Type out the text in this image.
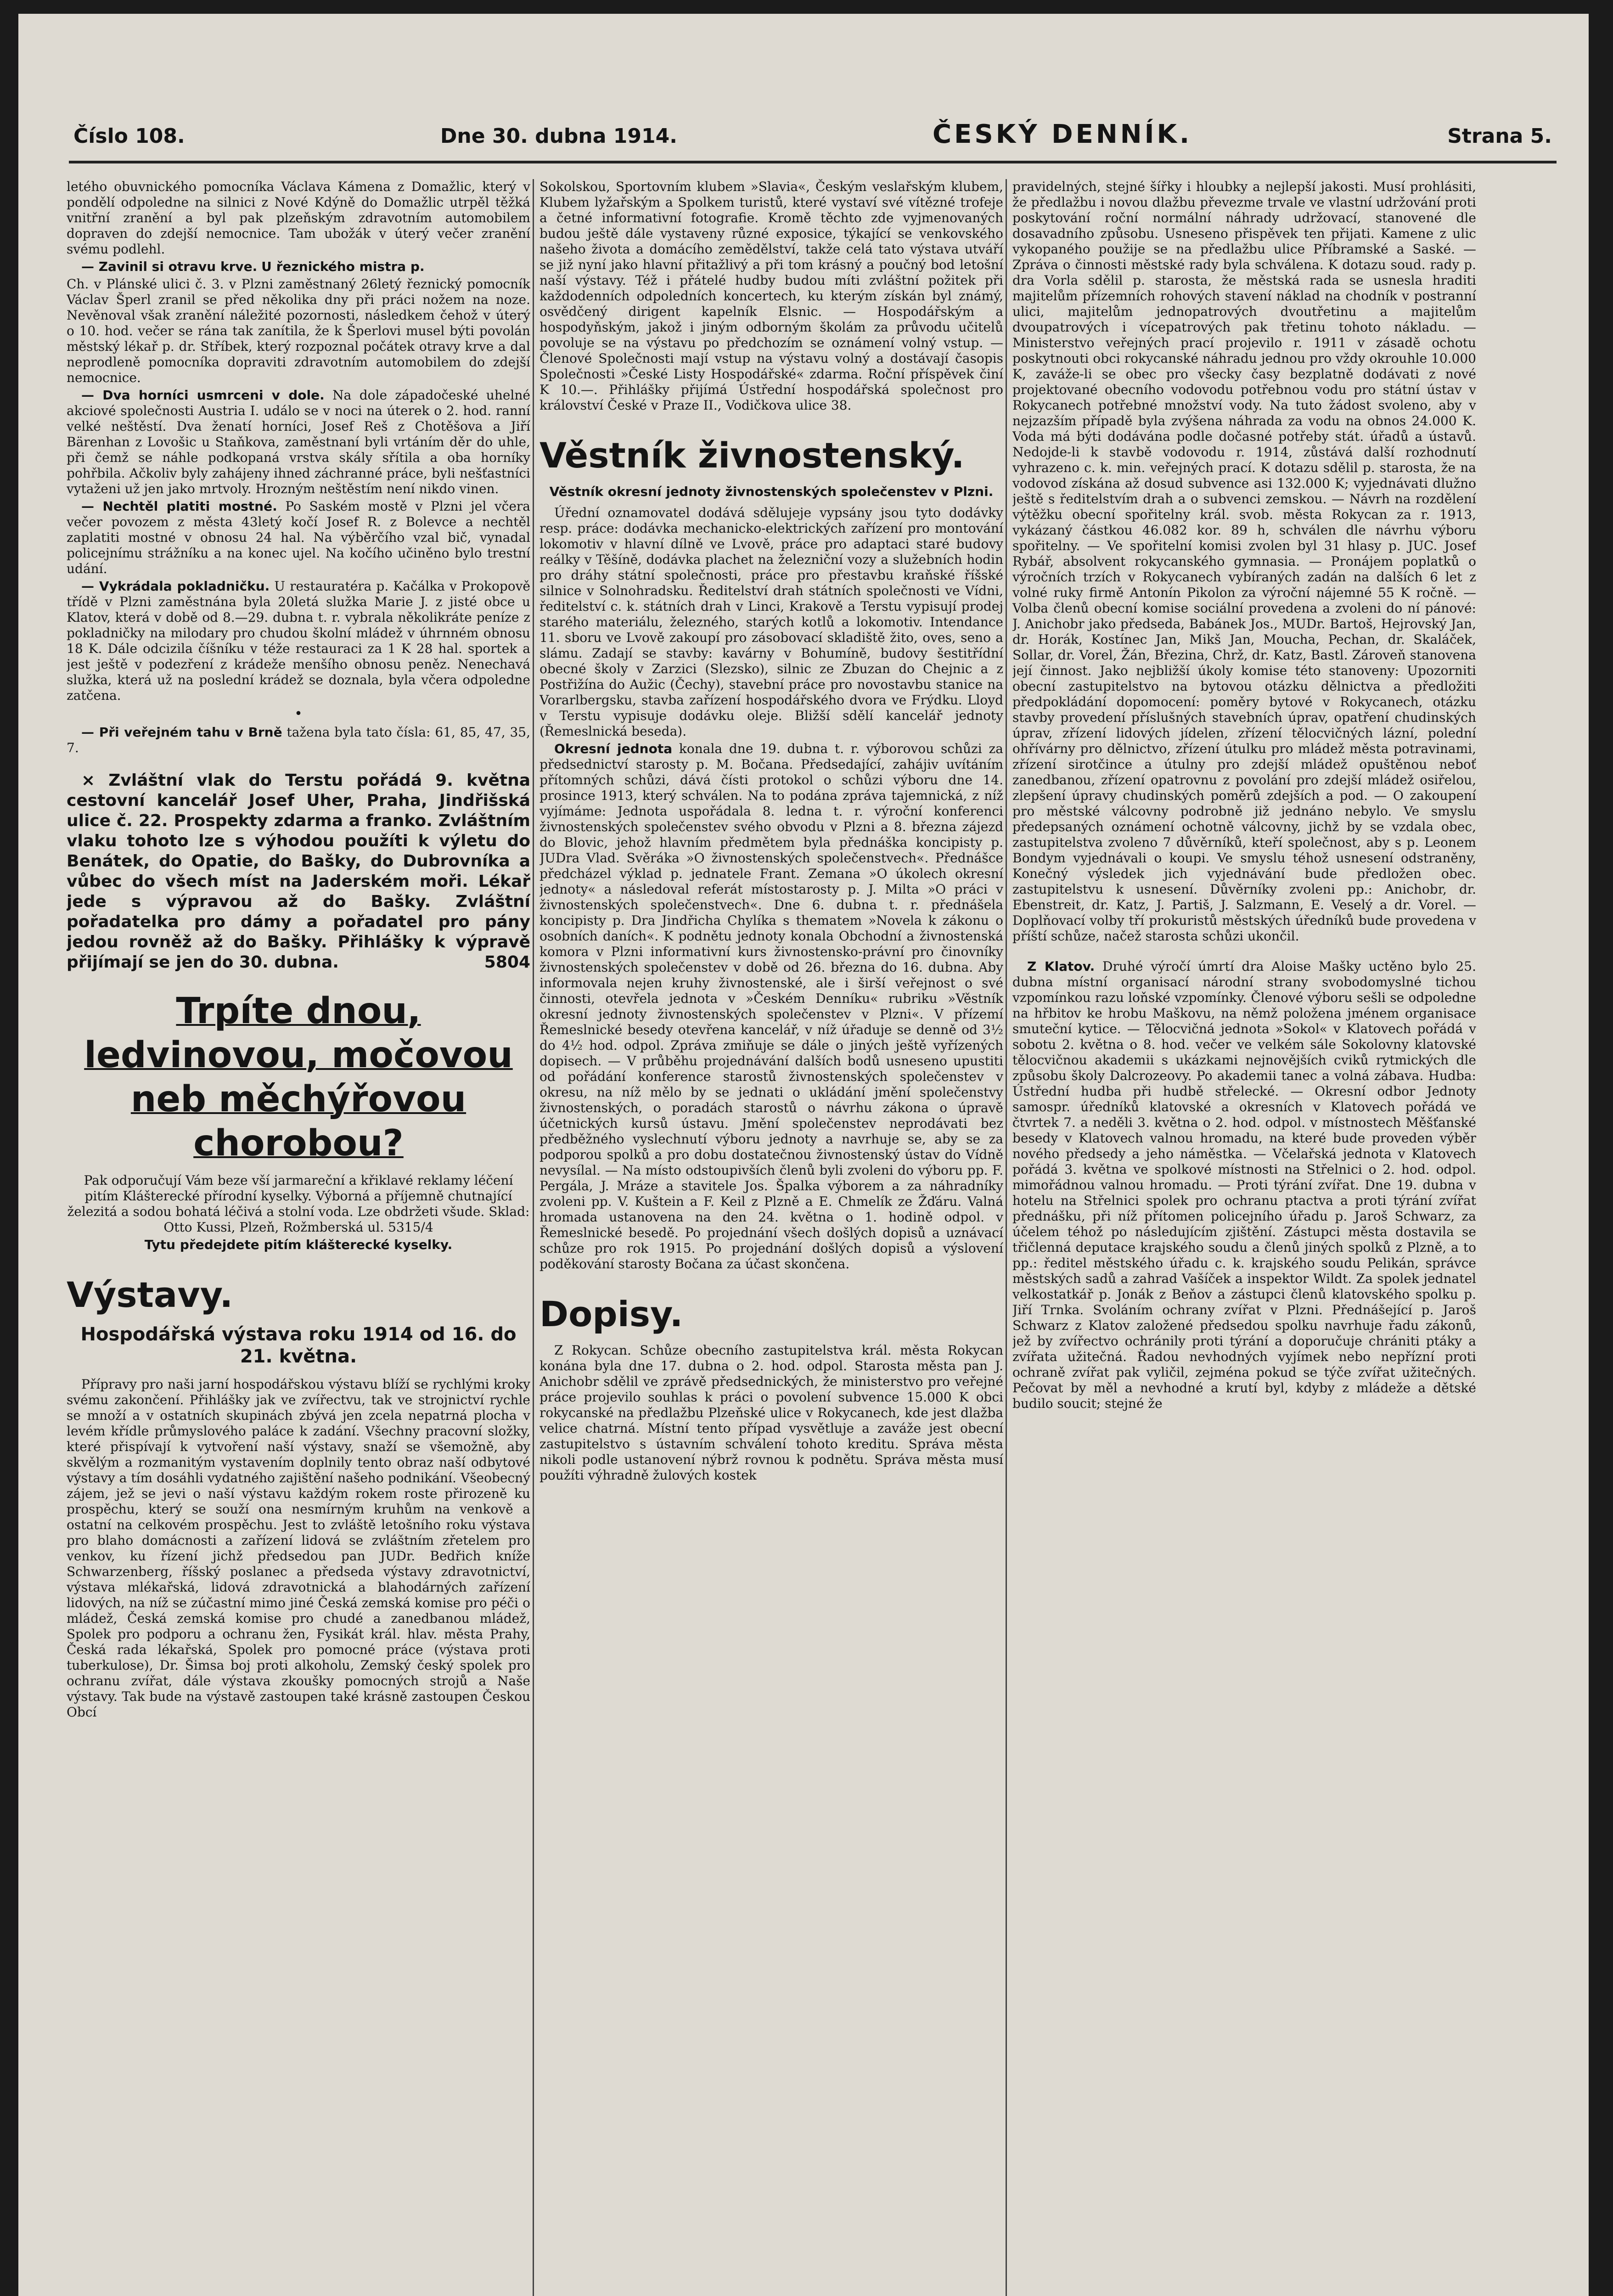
Číslo 108.	Dne 30. dubna 1914.	ČESKÝ DENNÍK.	Strana 5.

letého obuvnického pomocníka Václava Kámena z Domažlic, který v pondělí odpoledne na silnici z Nové Kdýně do Domažlic utrpěl těžká vnitřní zranění a byl pak plzeňským zdravotním automobilem dopraven do zdejší nemocnice. Tam ubožák v úterý večer zranění svému podlehl.

— Zavinil si otravu krve. U řeznického mistra p.

Ch. v Plánské ulici č. 3. v Plzni zaměstnaný 26letý řeznický pomocník Václav Šperl zranil se před několika dny při práci nožem na noze. Nevěnoval však zranění náležité pozornosti, následkem čehož v úterý o 10. hod. večer se rána tak zanítila, že k Šperlovi musel býti povolán městský lékař p. dr. Stříbek, který rozpoznal počátek otravy krve a dal neprodleně pomocníka dopraviti zdravotním automobilem do zdejší nemocnice.

— Dva horníci usmrceni v dole. Na dole západočeské uhelné akciové společnosti Austria I. událo se v noci na úterek o 2. hod. ranní velké neštěstí. Dva ženatí horníci, Josef Reš z Chotěšova a Jiří Bärenhan z Lovošic u Staňkova, zaměstnaní byli vrtáním děr do uhle, při čemž se náhle podkopaná vrstva skály sřítila a oba horníky pohřbila. Ačkoliv byly zahájeny ihned záchranné práce, byli nešťastníci vytaženi už jen jako mrtvoly. Hrozným neštěstím není nikdo vinen.

— Nechtěl platiti mostné. Po Saském mostě v Plzni jel včera večer povozem z města 43letý kočí Josef R. z Bolevce a nechtěl zaplatiti mostné v obnosu 24 hal. Na výběrčího vzal bič, vynadal policejnímu strážníku a na konec ujel. Na kočího učiněno bylo trestní udání.

— Vykrádala pokladničku. U restauratéra p. Kačálka v Prokopově třídě v Plzni zaměstnána byla 20letá služka Marie J. z jisté obce u Klatov, která v době od 8.—29. dubna t. r. vybrala několikráte peníze z pokladničky na milodary pro chudou školní mládež v úhrnném obnosu 18 K. Dále odcizila číšníku v téže restauraci za 1 K 28 hal. sportek a jest ještě v podezření z krádeže menšího obnosu peněz. Nenechavá služka, která už na poslední krádež se doznala, byla včera odpoledne zatčena.

•

— Při veřejném tahu v Brně tažena byla tato čísla: 61, 85, 47, 35, 7.

× Zvláštní vlak do Terstu pořádá 9. května cestovní kancelář Josef Uher, Praha, Jindřišská ulice č. 22. Prospekty zdarma a franko. Zvláštním vlaku tohoto lze s výhodou použíti k výletu do Benátek, do Opatie, do Bašky, do Dubrovníka a vůbec do všech míst na Jaderském moři. Lékař jede s výpravou až do Bašky. Zvláštní pořadatelka pro dámy a pořadatel pro pány jedou rovněž až do Bašky. Přihlášky k výpravě přijímají se jen do 30. dubna.	5804

Trpíte dnou, ledvinovou, močovou neb měchýřovou chorobou?

Pak odporučují Vám beze vší jarmareční a křiklavé reklamy léčení pitím Klášterecké přírodní kyselky. Výborná a příjemně chutnající železitá a sodou bohatá léčivá a stolní voda. Lze obdržeti všude. Sklad: Otto Kussi, Plzeň, Rožmberská ul. 5315/4

Tytu předejdete pitím klášterecké kyselky.

Výstavy.
Hospodářská výstava roku 1914 od 16. do 21. května.

Přípravy pro naši jarní hospodářskou výstavu blíží se rychlými kroky svému zakončení. Přihlášky jak ve zvířectvu, tak ve strojnictví rychle se množí a v ostatních skupinách zbývá jen zcela nepatrná plocha v levém křídle průmyslového paláce k zadání. Všechny pracovní složky, které přispívají k vytvoření naší výstavy, snaží se všemožně, aby skvělým a rozmanitým vystavením doplnily tento obraz naší odbytové výstavy a tím dosáhli vydatného zajištění našeho podnikání. Všeobecný zájem, jež se jevi o naší výstavu každým rokem roste přirozeně ku prospěchu, který se souží ona nesmírným kruhům na venkově a ostatní na celkovém prospěchu. Jest to zvláště letošního roku výstava pro blaho domácnosti a zařízení lidová se zvláštním zřetelem pro venkov, ku řízení jichž předsedou pan JUDr. Bedřich kníže Schwarzenberg, říšský poslanec a předseda výstavy zdravotnictví, výstava mlékařská, lidová zdravotnická a blahodárných zařízení lidových, na níž se zúčastní mimo jiné Česká zemská komise pro péči o mládež, Česká zemská komise pro chudé a zanedbanou mládež, Spolek pro podporu a ochranu žen, Fysikát král. hlav. města Prahy, Česká rada lékařská, Spolek pro pomocné práce (výstava proti tuberkulose), Dr. Šimsa boj proti alkoholu, Zemský český spolek pro ochranu zvířat, dále výstava zkoušky pomocných strojů a Naše výstavy. Tak bude na výstavě zastoupen také krásně zastoupen Českou Obcí

Sokolskou, Sportovním klubem »Slavia«, Českým veslařským klubem, Klubem lyžařským a Spolkem turistů, které vystaví své vítězné trofeje a četné informativní fotografie. Kromě těchto zde vyjmenovaných budou ještě dále vystaveny různé exposice, týkající se venkovského našeho života a domácího zemědělství, takže celá tato výstava utváří se již nyní jako hlavní přitažlivý a při tom krásný a poučný bod letošní naší výstavy. Též i přátelé hudby budou míti zvláštní požitek při každodenních odpoledních koncertech, ku kterým získán byl známý, osvědčený dirigent kapelník Elsnic. — Hospodářským a hospodyňským, jakož i jiným odborným školám za průvodu učitelů povoluje se na výstavu po předchozím se oznámení volný vstup. — Členové Společnosti mají vstup na výstavu volný a dostávají časopis Společnosti »České Listy Hospodářské« zdarma. Roční příspěvek činí K 10.—. Přihlášky přijímá Ústřední hospodářská společnost pro království České v Praze II., Vodičkova ulice 38.

Věstník živnostenský.
Věstník okresní jednoty živnostenských společenstev v Plzni.

Úřední oznamovatel dodává sdělujeje vypsány jsou tyto dodávky resp. práce: dodávka mechanicko-elektrických zařízení pro montování lokomotiv v hlavní dílně ve Lvově, práce pro adaptaci staré budovy reálky v Těšíně, dodávka plachet na železniční vozy a služebních hodin pro dráhy státní společnosti, práce pro přestavbu kraňské říšské silnice v Solnohradsku. Ředitelství drah státních společnosti ve Vídni, ředitelství c. k. státních drah v Linci, Krakově a Terstu vypisují prodej starého materiálu, železného, starých kotlů a lokomotiv. Intendance 11. sboru ve Lvově zakoupí pro zásobovací skladiště žito, oves, seno a slámu. Zadají se stavby: kavárny v Bohumíně, budovy šestitřídní obecné školy v Zarzici (Slezsko), silnic ze Zbuzan do Chejnic a z Postřižína do Aužic (Čechy), stavební práce pro novostavbu stanice na Vorarlbergsku, stavba zařízení hospodářského dvora ve Frýdku. Lloyd v Terstu vypisuje dodávku oleje. Bližší sdělí kancelář jednoty (Řemeslnická beseda).

Okresní jednota konala dne 19. dubna t. r. výborovou schůzi za předsednictví starosty p. M. Bočana. Předsedající, zahájiv uvítáním přítomných schůzi, dává čísti protokol o schůzi výboru dne 14. prosince 1913, který schválen. Na to podána zpráva tajemnická, z níž vyjímáme: Jednota uspořádala 8. ledna t. r. výroční konferenci živnostenských společenstev svého obvodu v Plzni a 8. března zájezd do Blovic, jehož hlavním předmětem byla přednáška koncipisty p. JUDra Vlad. Svěráka »O živnostenských společenstvech«. Přednášce předcházel výklad p. jednatele Frant. Zemana »O úkolech okresní jednoty« a následoval referát místostarosty p. J. Milta »O práci v živnostenských společenstvech«. Dne 6. dubna t. r. přednášela koncipisty p. Dra Jindřicha Chylíka s thematem »Novela k zákonu o osobních daních«. K podnětu jednoty konala Obchodní a živnostenská komora v Plzni informativní kurs živnostensko-právní pro činovníky živnostenských společenstev v době od 26. března do 16. dubna. Aby informovala nejen kruhy živnostenské, ale i širší veřejnost o své činnosti, otevřela jednota v »Českém Denníku« rubriku »Věstník okresní jednoty živnostenských společenstev v Plzni«. V přízemí Řemeslnické besedy otevřena kancelář, v níž úřaduje se denně od 3½ do 4½ hod. odpol. Zpráva zmiňuje se dále o jiných ještě vyřízených dopisech. — V průběhu projednávání dalších bodů usneseno upustiti od pořádání konference starostů živnostenských společenstev v okresu, na níž mělo by se jednati o ukládání jmění společenstvy živnostenských, o poradách starostů o návrhu zákona o úpravě účetnických kursů ústavu. Jmění společenstev neprodávati bez předběžného vyslechnutí výboru jednoty a navrhuje se, aby se za podporou spolků a pro dobu dostatečnou živnostenský ústav do Vídně nevysílal. — Na místo odstoupivších členů byli zvoleni do výboru pp. F. Pergála, J. Mráze a stavitele Jos. Špalka výborem a za náhradníky zvoleni pp. V. Kuštein a F. Keil z Plzně a E. Chmelík ze Žďáru. Valná hromada ustanovena na den 24. května o 1. hodině odpol. v Řemeslnické besedě. Po projednání všech došlých dopisů a uznávací schůze pro rok 1915. Po projednání došlých dopisů a výslovení poděkování starosty Bočana za účast skončena.

Dopisy.

Z Rokycan. Schůze obecního zastupitelstva král. města Rokycan konána byla dne 17. dubna o 2. hod. odpol. Starosta města pan J. Anichobr sdělil ve zprávě předsednických, že ministerstvo pro veřejné práce projevilo souhlas k práci o povolení subvence 15.000 K obci rokycanské na předlažbu Plzeňské ulice v Rokycanech, kde jest dlažba velice chatrná. Místní tento případ vysvětluje a zaváže jest obecní zastupitelstvo s ústavním schválení tohoto kreditu. Správa města nikoli podle ustanovení nýbrž rovnou k podnětu. Správa města musí použíti výhradně žulových kostek

pravidelných, stejné šířky i hloubky a nejlepší jakosti. Musí prohlásiti, že předlažbu i novou dlažbu převezme trvale ve vlastní udržování proti poskytování roční normální náhrady udržovací, stanovené dle dosavadního způsobu. Usneseno přispěvek ten přijati. Kamene z ulic vykopaného použije se na předlažbu ulice Příbramské a Saské. — Zpráva o činnosti městské rady byla schválena. K dotazu soud. rady p. dra Vorla sdělil p. starosta, že městská rada se usnesla hraditi majitelům přízemních rohových stavení náklad na chodník v postranní ulici, majitelům jednopatrových dvoutřetinu a majitelům dvoupatrových i vícepatrových pak třetinu tohoto nákladu. — Ministerstvo veřejných prací projevilo r. 1911 v zásadě ochotu poskytnouti obci rokycanské náhradu jednou pro vždy okrouhle 10.000 K, zaváže-li se obec pro všecky časy bezplatně dodávati z nové projektované obecního vodovodu potřebnou vodu pro státní ústav v Rokycanech potřebné množství vody. Na tuto žádost svoleno, aby v nejzazším případě byla zvýšena náhrada za vodu na obnos 24.000 K. Voda má býti dodávána podle dočasné potřeby stát. úřadů a ústavů. Nedojde-li k stavbě vodovodu r. 1914, zůstává další rozhodnutí vyhrazeno c. k. min. veřejných prací. K dotazu sdělil p. starosta, že na vodovod získána až dosud subvence asi 132.000 K; vyjednávati dlužno ještě s ředitelstvím drah a o subvenci zemskou. — Návrh na rozdělení výtěžku obecní spořitelny král. svob. města Rokycan za r. 1913, vykázaný částkou 46.082 kor. 89 h, schválen dle návrhu výboru spořitelny. — Ve spořitelní komisi zvolen byl 31 hlasy p. JUC. Josef Rybář, absolvent rokycanského gymnasia. — Pronájem poplatků o výročních trzích v Rokycanech vybíraných zadán na dalších 6 let z volné ruky firmě Antonín Pikolon za výroční nájemné 55 K ročně. — Volba členů obecní komise sociální provedena a zvoleni do ní pánové: J. Anichobr jako předseda, Babánek Jos., MUDr. Bartoš, Hejrovský Jan, dr. Horák, Kostínec Jan, Mikš Jan, Moucha, Pechan, dr. Skaláček, Sollar, dr. Vorel, Žán, Březina, Chrž, dr. Katz, Bastl. Zároveň stanovena její činnost. Jako nejbližší úkoly komise této stanoveny: Upozorniti obecní zastupitelstvo na bytovou otázku dělnictva a předložiti předpokládání dopomocení: poměry bytové v Rokycanech, otázku stavby provedení příslušných stavebních úprav, opatření chudinských úprav, zřízení lidových jídelen, zřízení tělocvičných lázní, polední ohřívárny pro dělnictvo, zřízení útulku pro mládež města potravinami, zřízení sirotčince a útulny pro zdejší mládež opuštěnou neboť zanedbanou, zřízení opatrovnu z povolání pro zdejší mládež osiřelou, zlepšení úpravy chudinských poměrů zdejších a pod. — O zakoupení pro městské válcovny podrobně již jednáno nebylo. Ve smyslu předepsaných oznámení ochotně válcovny, jichž by se vzdala obec, zastupitelstva zvoleno 7 důvěrníků, kteří společnost, aby s p. Leonem Bondym vyjednávali o koupi. Ve smyslu téhož usnesení odstraněny, Konečný výsledek jich vyjednávání bude předložen obec. zastupitelstvu k usnesení. Důvěrníky zvoleni pp.: Anichobr, dr. Ebenstreit, dr. Katz, J. Partiš, J. Salzmann, E. Veselý a dr. Vorel. — Doplňovací volby tří prokuristů městských úředníků bude provedena v příští schůze, načež starosta schůzi ukončil.

Z Klatov. Druhé výročí úmrtí dra Aloise Mašky uctěno bylo 25. dubna místní organisací národní strany svobodomyslné tichou vzpomínkou razu loňské vzpomínky. Členové výboru sešli se odpoledne na hřbitov ke hrobu Maškovu, na němž položena jménem organisace smuteční kytice. — Tělocvičná jednota »Sokol« v Klatovech pořádá v sobotu 2. května o 8. hod. večer ve velkém sále Sokolovny klatovské tělocvičnou akademii s ukázkami nejnovějších cviků rytmických dle způsobu školy Dalcrozeovy. Po akademii tanec a volná zábava. Hudba: Ústřední hudba při hudbě střelecké. — Okresní odbor Jednoty samospr. úředníků klatovské a okresních v Klatovech pořádá ve čtvrtek 7. a neděli 3. května o 2. hod. odpol. v místnostech Měšťanské besedy v Klatovech valnou hromadu, na které bude proveden výběr nového předsedy a jeho náměstka. — Včelařská jednota v Klatovech pořádá 3. května ve spolkové místnosti na Střelnici o 2. hod. odpol. mimořádnou valnou hromadu. — Proti týrání zvířat. Dne 19. dubna v hotelu na Střelnici spolek pro ochranu ptactva a proti týrání zvířat přednášku, při níž přítomen policejního úřadu p. Jaroš Schwarz, za účelem téhož po následujícím zjištění. Zástupci města dostavila se třičlenná deputace krajského soudu a členů jiných spolků z Plzně, a to pp.: ředitel městského úřadu c. k. krajského soudu Pelikán, správce městských sadů a zahrad Vašíček a inspektor Wildt. Za spolek jednatel velkostatkář p. Jonák z Beňov a zástupci členů klatovského spolku p. Jiří Trnka. Svoláním ochrany zvířat v Plzni. Přednášející p. Jaroš Schwarz z Klatov založené předsedou spolku navrhuje řadu zákonů, jež by zvířectvo ochránily proti týrání a doporučuje chrániti ptáky a zvířata užitečná. Řadou nevhodných vyjímek nebo nepřízní proti ochraně zvířat pak vyličil, zejména pokud se týče zvířat užitečných. Pečovat by měl a nevhodné a krutí byl, kdyby z mládeže a dětské budilo soucit; stejné že
